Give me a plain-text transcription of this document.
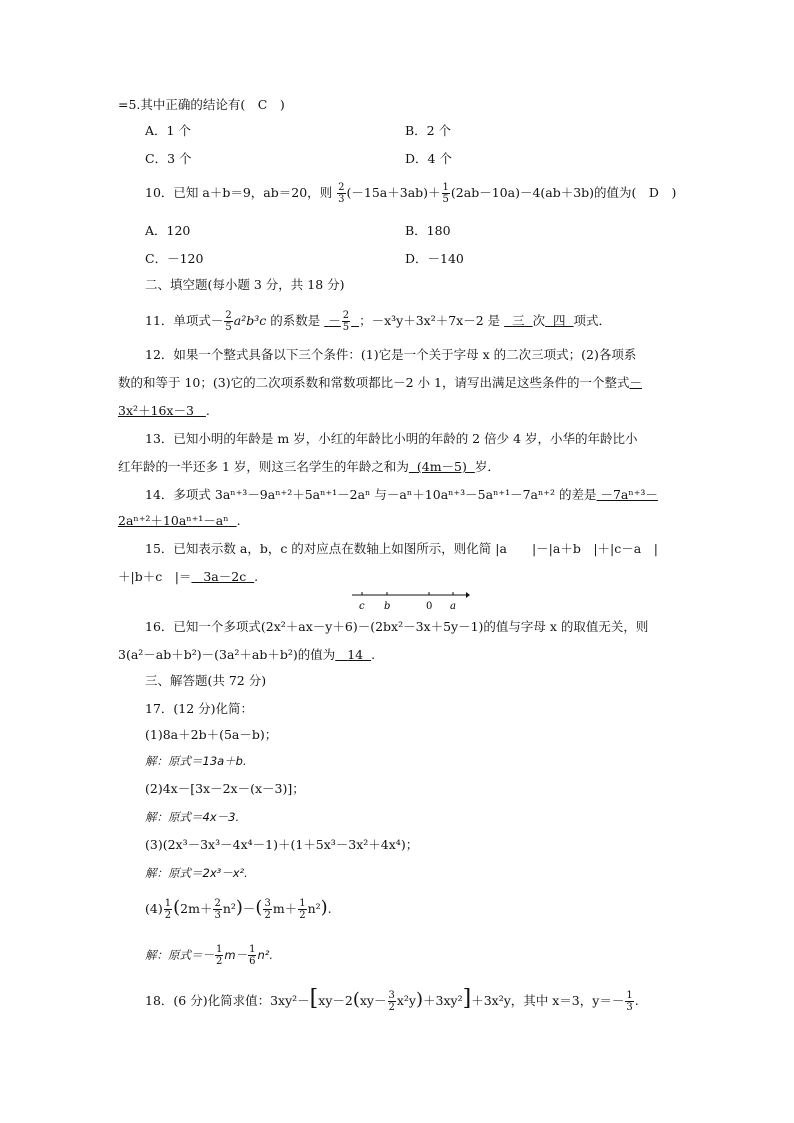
=5.其中正确的结论有(　C　)
A．1 个	B．2 个
C．3 个	D．4 个
10．已知 a＋b＝9，ab＝20，则 $\frac{2}{3} (-15a+3ab)+ \frac{1}{5} (2ab-10a)-4(ab+3b)$的值为(　D　)
A．120	B．180
C．－120	D．－140
二、填空题(每小题 3 分，共 18 分)
11．单项式－ $\frac{2}{5} a^2b^3c$ 的系数是 － $\frac{2}{5}$ ；－x³y＋3x²＋7x－2 是 三 次 四 项式．
12．如果一个整式具备以下三个条件：(1)它是一个关于字母 x 的二次三项式；(2)各项系
数的和等于 10；(3)它的二次项系数和常数项都比－2 小 1，请写出满足这些条件的一个整式－
3x²＋16x－3 .
13．已知小明的年龄是 m 岁，小红的年龄比小明的年龄的 2 倍少 4 岁，小华的年龄比小
红年龄的一半还多 1 岁，则这三名学生的年龄之和为 (4m－5) 岁．
14．多项式 3aⁿ⁺³－9aⁿ⁺²＋5aⁿ⁺¹－2aⁿ 与－aⁿ＋10aⁿ⁺³－5aⁿ⁺¹－7aⁿ⁺² 的差是 －7aⁿ⁺³－
2aⁿ⁺²＋10aⁿ⁺¹－aⁿ .
15．已知表示数 a，b，c 的对应点在数轴上如图所示，则化简 |a　　|－|a＋b　|＋|c－a　|
＋|b＋c　|＝ 3a－2c .
c b	0 a
16．已知一个多项式(2x²＋ax－y＋6)－(2bx²－3x＋5y－1)的值与字母 x 的取值无关，则
3(a²－ab＋b²)－(3a²＋ab＋b²)的值为 14 .
三、解答题(共 72 分)
17．(12 分)化简：
(1)8a＋2b＋(5a－b)；
解：原式＝13a＋b.
(2)4x－[3x－2x－(x－3)]；
解：原式＝4x－3.
(3)(2x³－3x³－4x⁴－1)＋(1＋5x³－3x²＋4x⁴)；
解：原式＝2x³－x².
$(4) \frac{1}{2} (2m+ \frac{2}{3} n^2)-( \frac{3}{2} m+ \frac{1}{2} n^2)$.
解：原式＝－ $\frac{1}{2} m- \frac{1}{6} n^2$.
18．(6 分)化简求值：$3xy^2-[xy-2(xy- \frac{3}{2} x^2y)+3xy^2]+3x^2y$，其中 x＝3，$y=- \frac{1}{3}$ .
